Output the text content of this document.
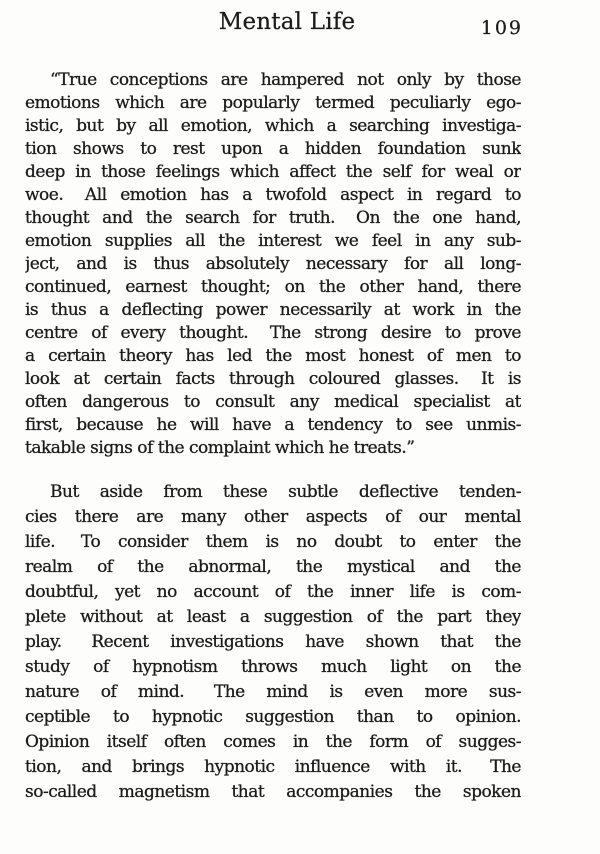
Mental Life	109
“True conceptions are hampered not only by those
emotions which are popularly termed peculiarly ego-
istic, but by all emotion, which a searching investiga-
tion shows to rest upon a hidden foundation sunk
deep in those feelings which affect the self for weal or
woe.  All emotion has a twofold aspect in regard to
thought and the search for truth.  On the one hand,
emotion supplies all the interest we feel in any sub-
ject, and is thus absolutely necessary for all long-
continued, earnest thought; on the other hand, there
is thus a deflecting power necessarily at work in the
centre of every thought.  The strong desire to prove
a certain theory has led the most honest of men to
look at certain facts through coloured glasses.  It is
often dangerous to consult any medical specialist at
first, because he will have a tendency to see unmis-
takable signs of the complaint which he treats.”
But aside from these subtle deflective tenden-
cies there are many other aspects of our mental
life.  To consider them is no doubt to enter the
realm of the abnormal, the mystical and the
doubtful, yet no account of the inner life is com-
plete without at least a suggestion of the part they
play.  Recent investigations have shown that the
study of hypnotism throws much light on the
nature of mind.  The mind is even more sus-
ceptible to hypnotic suggestion than to opinion.
Opinion itself often comes in the form of sugges-
tion, and brings hypnotic influence with it.  The
so-called magnetism that accompanies the spoken
